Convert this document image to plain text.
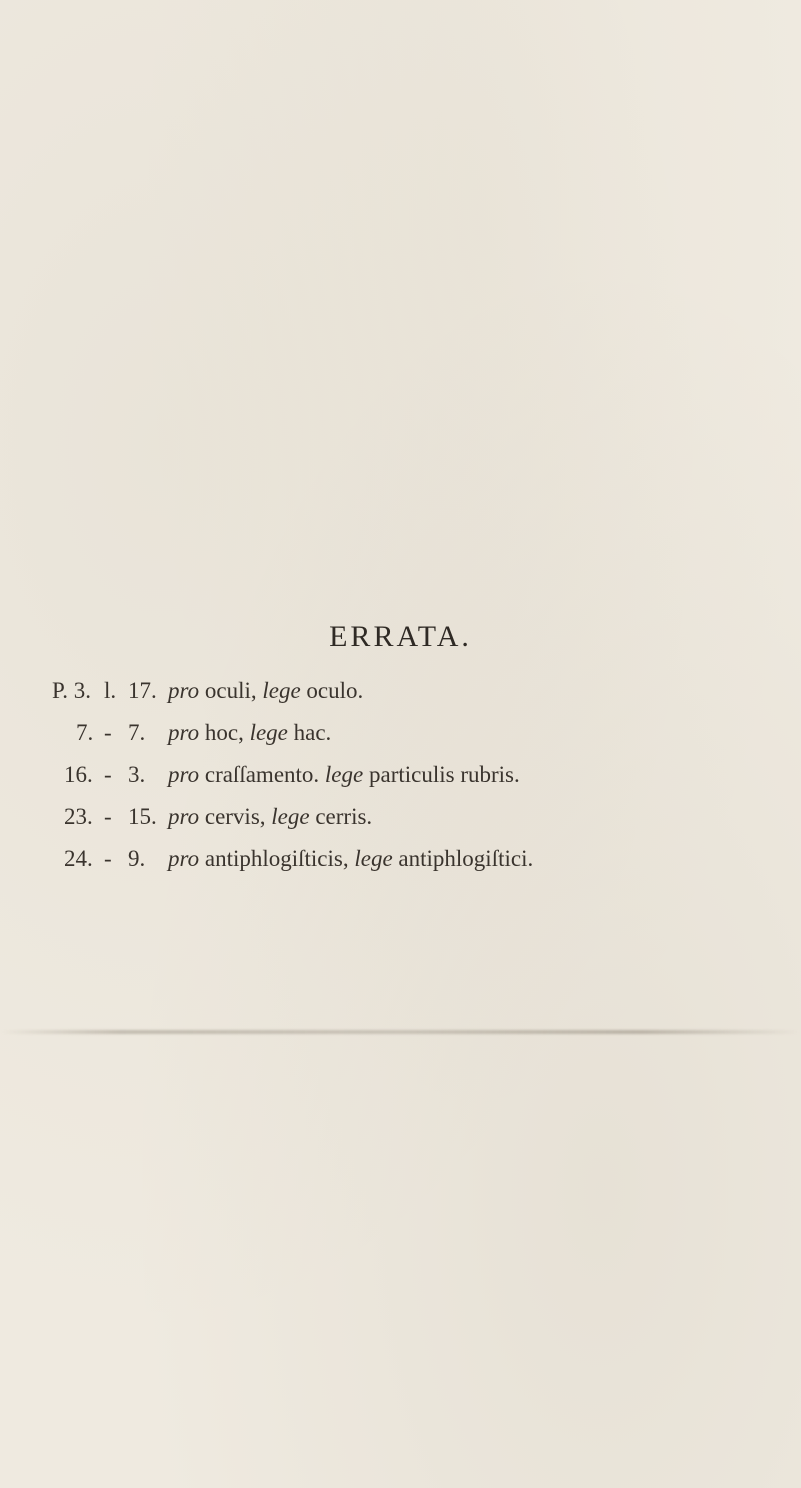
ERRATA.
P. 3. l. 17. pro oculi, lege oculo.
7. - 7. pro hoc, lege hac.
16. - 3. pro craſſamento. lege particulis rubris.
23. - 15. pro cervis, lege cerris.
24. - 9. pro antiphlogiſticis, lege antiphlogiſtici.
